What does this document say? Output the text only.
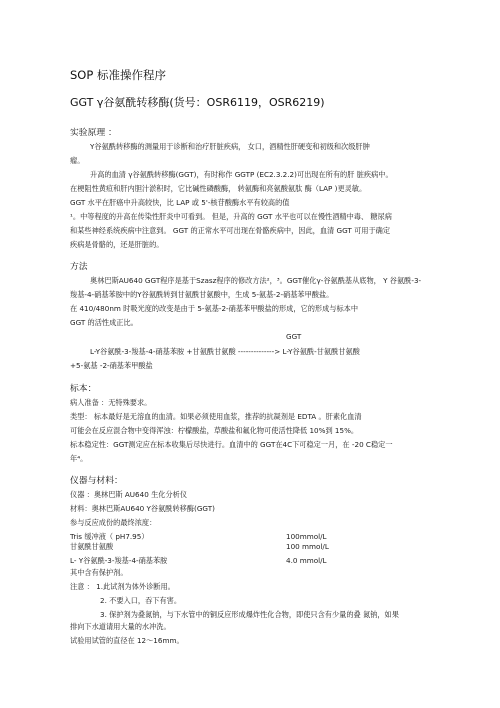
SOP 标准操作程序
GGT γ谷氨酰转移酶(货号：OSR6119，OSR6219)
实验原理 ：
Y谷氨酰转移酶的测量用于诊断和治疗肝脏疾病， 女口，酒精性肝硬变和初级和次级肝肿
瘤。
升高的血清 γ谷氨酰转移酶(GGT)，有时称作 GGTP (EC2.3.2.2)可出现在所有的肝 脏疾病中。
在梗阻性黄疸和肝内胆汁淤积时，它比碱性磷酸酶， 转氨酶和亮氨酸氨肽 酶（LAP )更灵敏。
GGT 水平在肝癌中升高较快，比 LAP 或 5'-核苷酸酶水平有较高的值
¹。中等程度的升高在传染性肝炎中可看到。 但是，升高的 GGT 水平也可以在慢性酒精中毒、 糖尿病
和某些神经系统疾病中注意到。 GGT 的正常水平可出现在骨骼疾病中，因此，血清 GGT 可用于确定
疾病是骨骼的，还是肝脏的。
方法
奥林巴斯AU640 GGT程序是基于Szasz程序的修改方法²，³。GGT催化γ-谷氨酰基从底物， Y 谷氨酰-3-
羧基-4-硝基苯胺中的Y谷氨酰转到甘氨酰甘氨酸中，生成 5-氨基-2-硝基苯甲酸盐。
在 410/480nm 时吸光度的改变是由于 5-氨基-2-硝基苯甲酸盐的形成，它的形成与标本中
GGT 的活性成正比。
GGT
L-Y谷氨酰-3-羧基-4-硝基苯胺 +甘氨酰甘氨酸 --------------> L-Y谷氨酰-甘氨酰甘氨酸
+5-氨基 -2-硝基苯甲酸盐
标本：
病人准备 ：无特殊要求。
类型： 标本最好是无溶血的血清。如果必须使用血浆，推荐的抗凝剂是 EDTA 。肝素化血清
可能会在反应混合物中变得浑浊：柠檬酸盐，草酸盐和氟化物可使活性降低 10%到 15%。
标本稳定性：GGT测定应在标本收集后尽快进行。血清中的 GGT在4C下可稳定一月，在 -20 C稳定一
年⁴。
仪器与材料：
仪器 ：奥林巴斯 AU640 生化分析仪
材料：奥林巴斯AU640 Y谷氨酰转移酶(GGT)
参与反应成份的最终浓度：
Tris 缓冲液（ pH7.95）	100mmol/L
甘氨酰甘氨酸	100 mmol/L
L- Y谷氨酰-3-羧基-4-硝基苯胺	4.0 mmol/L
其中含有保护剂。
注意 ： 1.此试剂为体外诊断用。
2. 不要入口，吞下有害。
3. 保护剂为叠氮钠，与下水管中的铜反应形成爆炸性化合物，即使只含有少量的叠 氮钠，如果
排向下水道请用大量的水冲洗。
试验用试管的直径在 12～16mm。
